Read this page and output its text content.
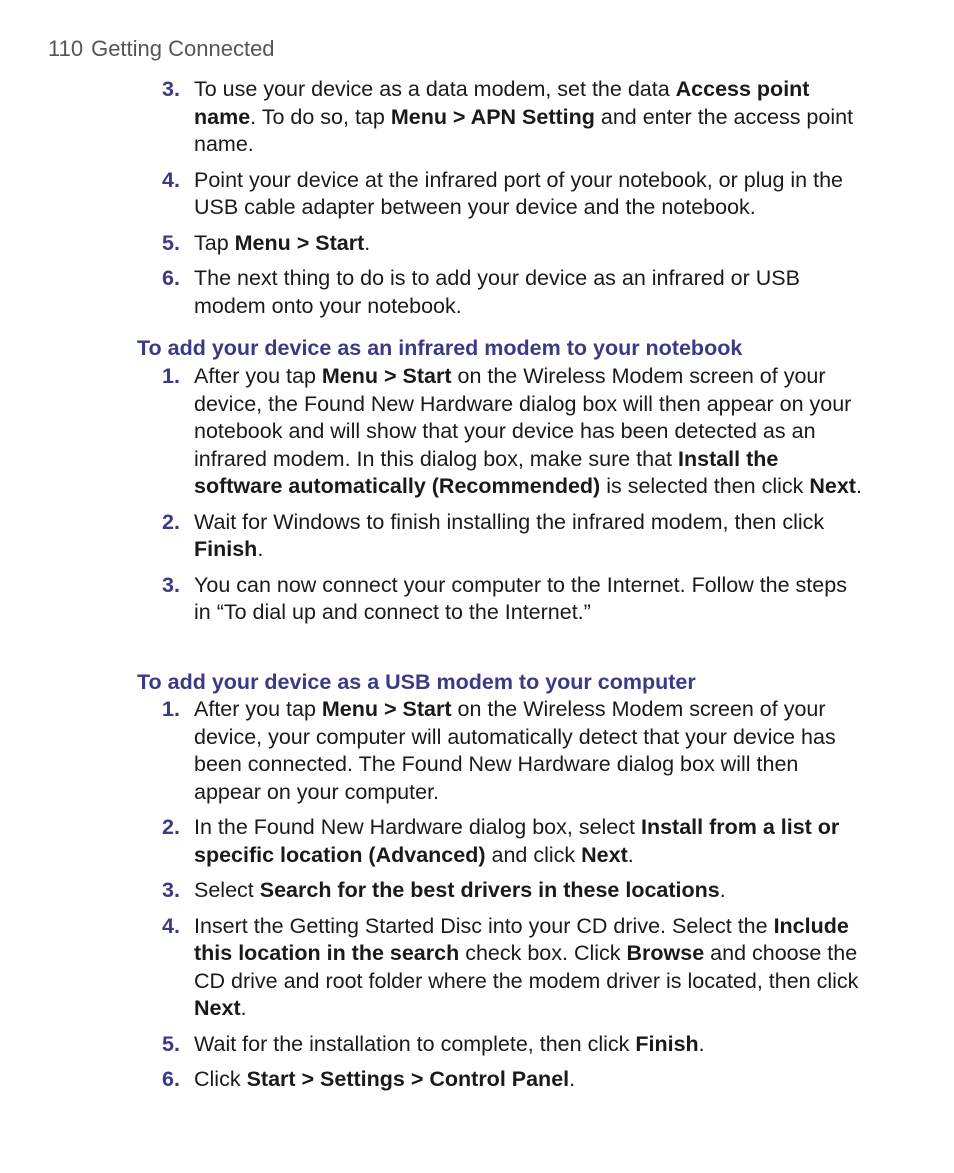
110 Getting Connected
3. To use your device as a data modem, set the data Access point name. To do so, tap Menu > APN Setting and enter the access point name.
4. Point your device at the infrared port of your notebook, or plug in the USB cable adapter between your device and the notebook.
5. Tap Menu > Start.
6. The next thing to do is to add your device as an infrared or USB modem onto your notebook.
To add your device as an infrared modem to your notebook
1. After you tap Menu > Start on the Wireless Modem screen of your device, the Found New Hardware dialog box will then appear on your notebook and will show that your device has been detected as an infrared modem. In this dialog box, make sure that Install the software automatically (Recommended) is selected then click Next.
2. Wait for Windows to finish installing the infrared modem, then click Finish.
3. You can now connect your computer to the Internet. Follow the steps in “To dial up and connect to the Internet.”
To add your device as a USB modem to your computer
1. After you tap Menu > Start on the Wireless Modem screen of your device, your computer will automatically detect that your device has been connected. The Found New Hardware dialog box will then appear on your computer.
2. In the Found New Hardware dialog box, select Install from a list or specific location (Advanced) and click Next.
3. Select Search for the best drivers in these locations.
4. Insert the Getting Started Disc into your CD drive. Select the Include this location in the search check box. Click Browse and choose the CD drive and root folder where the modem driver is located, then click Next.
5. Wait for the installation to complete, then click Finish.
6. Click Start > Settings > Control Panel.
